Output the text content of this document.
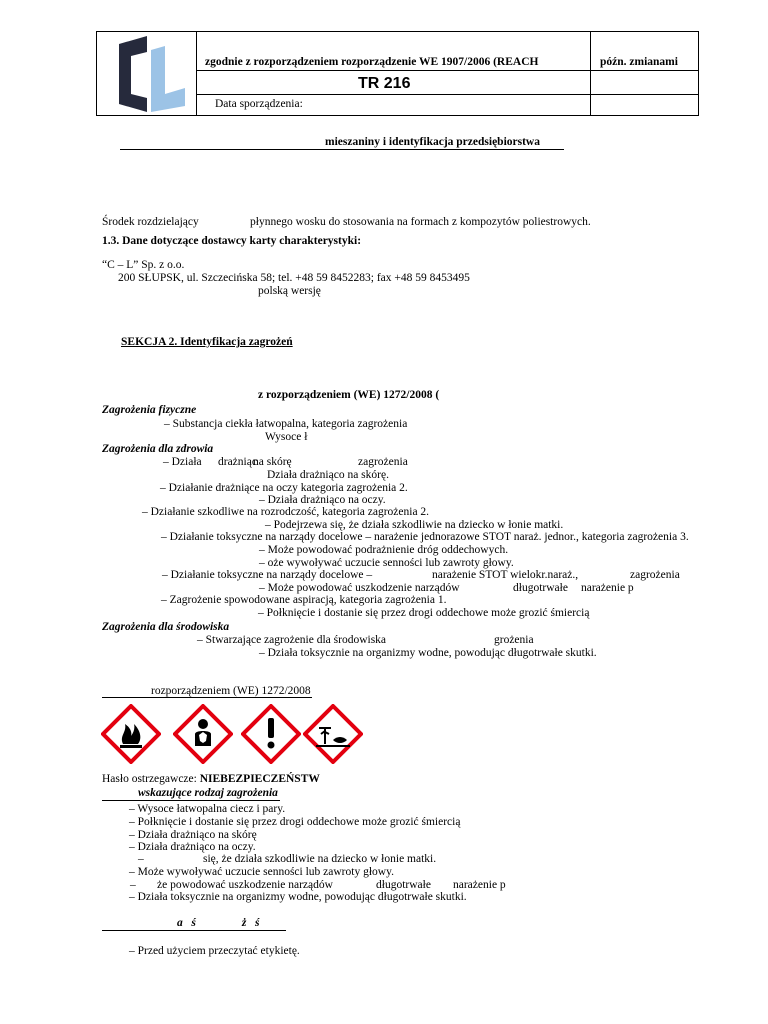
zgodnie z rozporządzeniem rozporządzenie WE 1907/2006 (REACH	późn. zmianami
TR 216
Data sporządzenia:
mieszaniny i identyfikacja przedsiębiorstwa
Środek rozdzielający	płynnego wosku do stosowania na formach z kompozytów poliestrowych.
1.3. Dane dotyczące dostawcy karty charakterystyki:
“C – L” Sp. z o.o.
200 SŁUPSK, ul. Szczecińska 58; tel. +48 59 8452283; fax +48 59 8453495
polską wersję
SEKCJA 2. Identyfikacja zagrożeń
z rozporządzeniem (WE) 1272/2008 (
Zagrożenia fizyczne
– Substancja ciekła łatwopalna, kategoria zagrożenia
Wysoce ł
Zagrożenia dla zdrowia
– Działa drażniąc
na skórę	zagrożenia
Działa drażniąco na skórę.
– Działanie drażniące na oczy kategoria zagrożenia 2.
– Działa drażniąco na oczy.
– Działanie szkodliwe na rozrodczość, kategoria zagrożenia 2.
– Podejrzewa się, że działa szkodliwie na dziecko w łonie matki.
– Działanie toksyczne na narządy docelowe – narażenie jednorazowe STOT naraż. jednor., kategoria zagrożenia 3.
– Może powodować podrażnienie dróg oddechowych.
– oże wywoływać uczucie senności lub zawroty głowy.
– Działanie toksyczne na narządy docelowe –	narażenie STOT wielokr.naraż.,	zagrożenia
– Może powodować uszkodzenie narządów	długotrwałe narażenie p
– Zagrożenie spowodowane aspiracją, kategoria zagrożenia 1.
– Połknięcie i dostanie się przez drogi oddechowe może grozić śmiercią
Zagrożenia dla środowiska
– Stwarzające zagrożenie dla środowiska	grożenia
– Działa toksycznie na organizmy wodne, powodując długotrwałe skutki.
rozporządzeniem (WE) 1272/2008
Hasło ostrzegawcze: NIEBEZPIECZEŃSTW
wskazujące rodzaj zagrożenia
– Wysoce łatwopalna ciecz i pary.
– Połknięcie i dostanie się przez drogi oddechowe może grozić śmiercią
– Działa drażniąco na skórę
– Działa drażniąco na oczy.
–	się, że działa szkodliwie na dziecko w łonie matki.
– Może wywoływać uczucie senności lub zawroty głowy.
– że powodować uszkodzenie narządów	długotrwałe narażenie p
– Działa toksycznie na organizmy wodne, powodując długotrwałe skutki.
a   ś                ż   ś
– Przed użyciem przeczytać etykietę.
